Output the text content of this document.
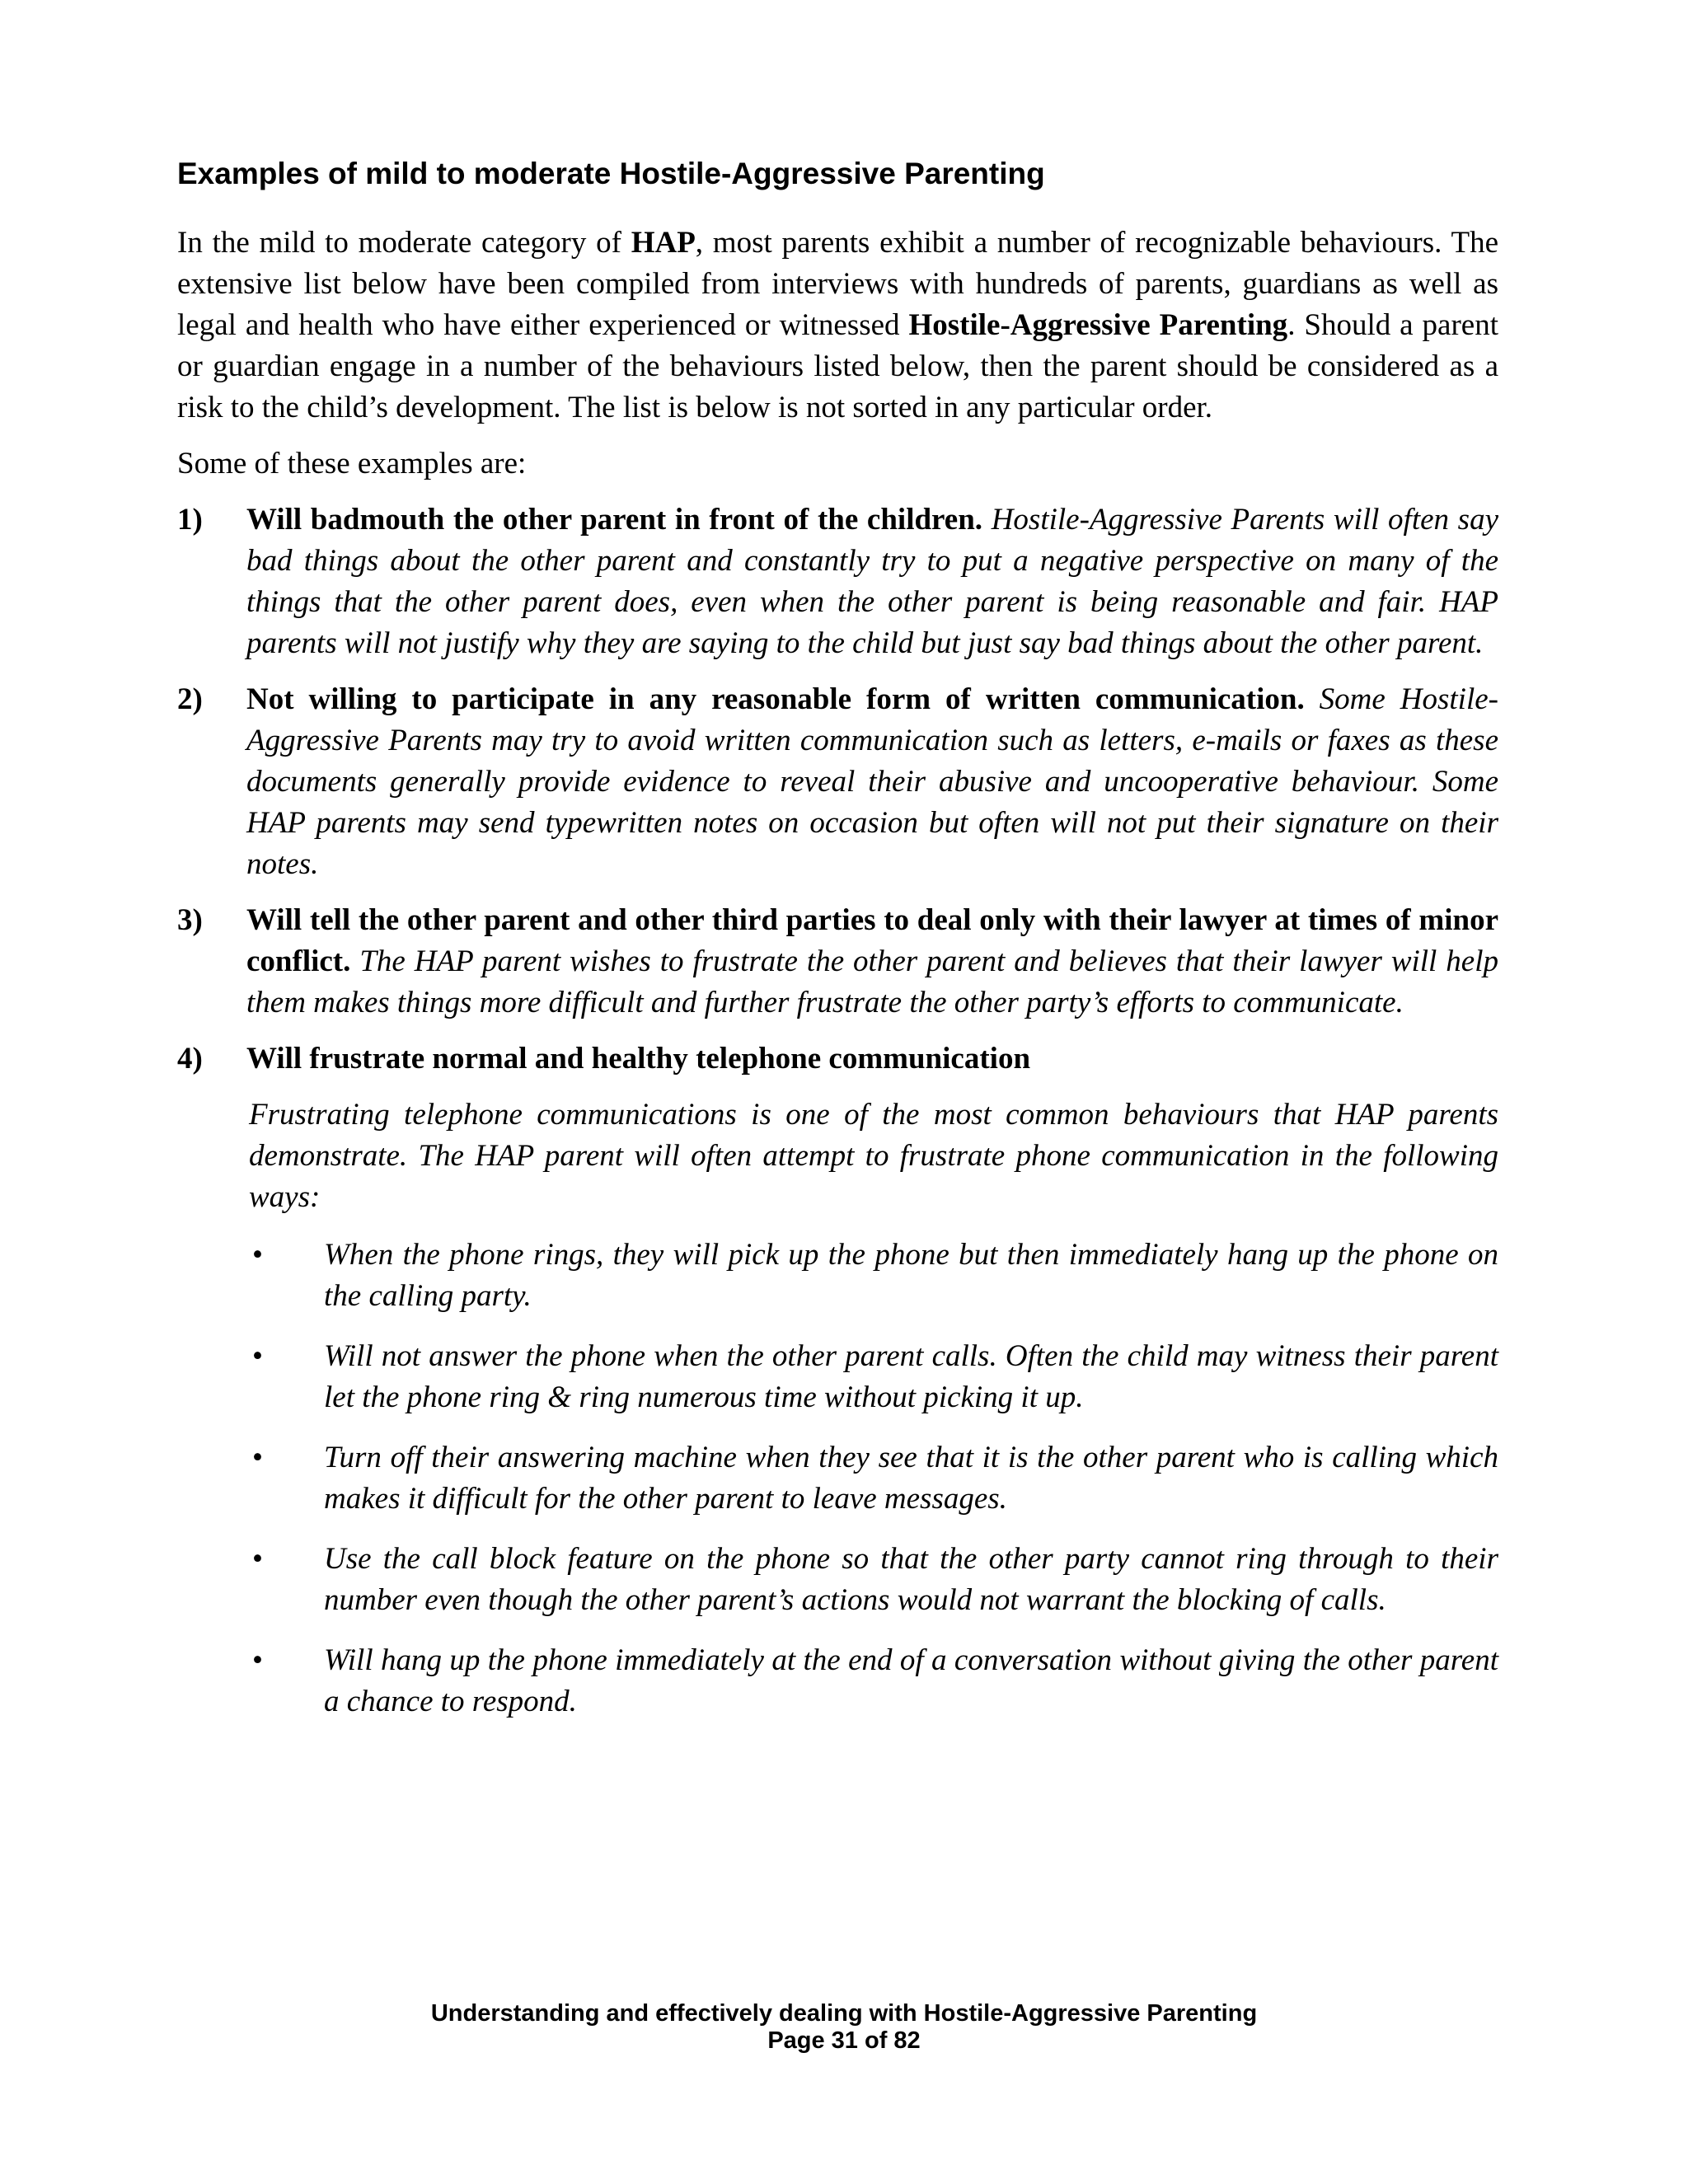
Examples of mild to moderate Hostile-Aggressive Parenting

In the mild to moderate category of HAP, most parents exhibit a number of recognizable behaviours. The extensive list below have been compiled from interviews with hundreds of parents, guardians as well as legal and health who have either experienced or witnessed Hostile-Aggressive Parenting. Should a parent or guardian engage in a number of the behaviours listed below, then the parent should be considered as a risk to the child’s development. The list is below is not sorted in any particular order.

Some of these examples are:

1) Will badmouth the other parent in front of the children. Hostile-Aggressive Parents will often say bad things about the other parent and constantly try to put a negative perspective on many of the things that the other parent does, even when the other parent is being reasonable and fair. HAP parents will not justify why they are saying to the child but just say bad things about the other parent.
2) Not willing to participate in any reasonable form of written communication. Some Hostile-Aggressive Parents may try to avoid written communication such as letters, e-mails or faxes as these documents generally provide evidence to reveal their abusive and uncooperative behaviour. Some HAP parents may send typewritten notes on occasion but often will not put their signature on their notes.
3) Will tell the other parent and other third parties to deal only with their lawyer at times of minor conflict. The HAP parent wishes to frustrate the other parent and believes that their lawyer will help them makes things more difficult and further frustrate the other party’s efforts to communicate.
4) Will frustrate normal and healthy telephone communication

Frustrating telephone communications is one of the most common behaviours that HAP parents demonstrate. The HAP parent will often attempt to frustrate phone communication in the following ways:

• When the phone rings, they will pick up the phone but then immediately hang up the phone on the calling party.
• Will not answer the phone when the other parent calls. Often the child may witness their parent let the phone ring & ring numerous time without picking it up.
• Turn off their answering machine when they see that it is the other parent who is calling which makes it difficult for the other parent to leave messages.
• Use the call block feature on the phone so that the other party cannot ring through to their number even though the other parent’s actions would not warrant the blocking of calls.
• Will hang up the phone immediately at the end of a conversation without giving the other parent a chance to respond.
Understanding and effectively dealing with Hostile-Aggressive Parenting
Page 31 of 82
